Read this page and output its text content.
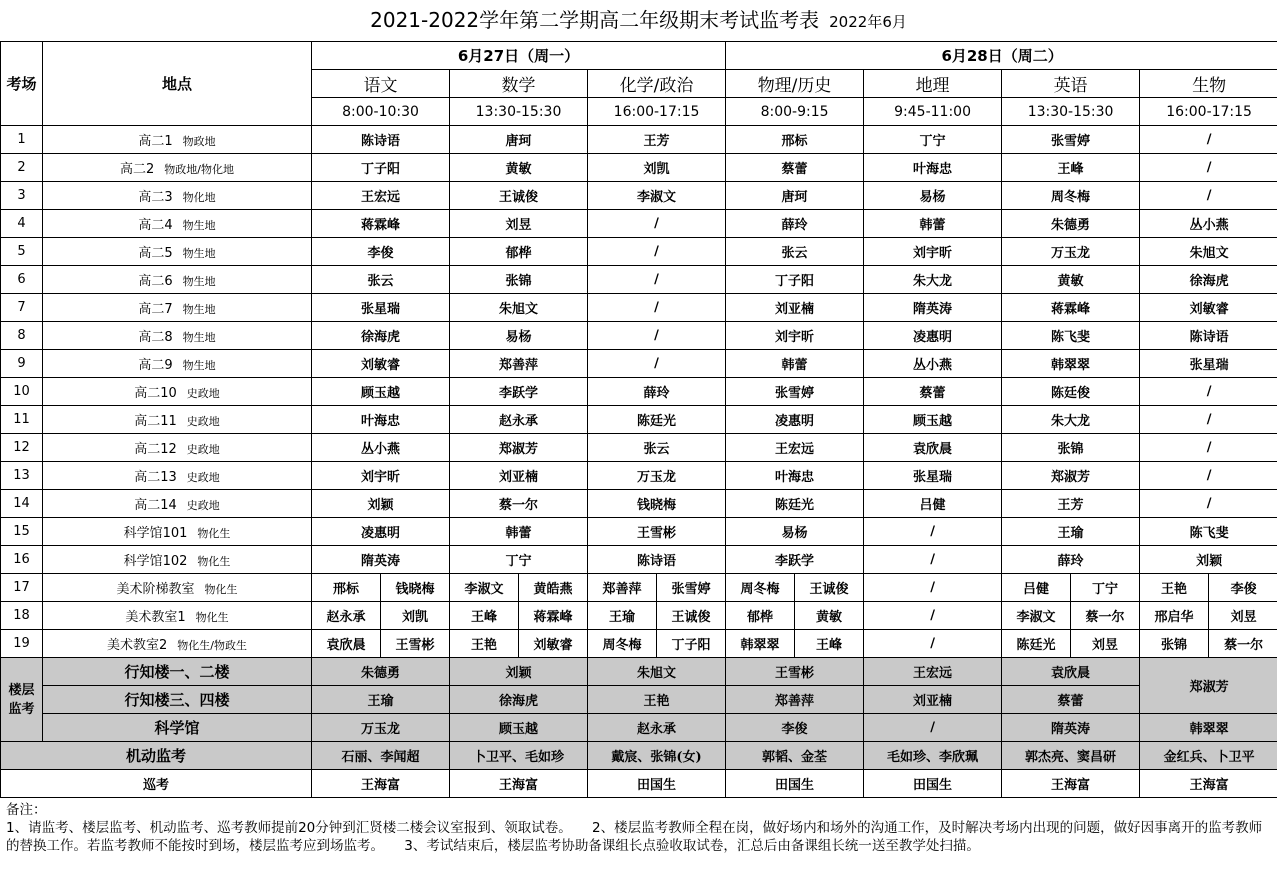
2021-2022学年第二学期高二年级期末考试监考表 2022年6月
考场	地点	6月27日（周一）						6月28日（周二）						
		语文		数学		化学/政治		物理/历史		地理	英语		生物	
		8:00-10:30		13:30-15:30		16:00-17:15		8:00-9:15		9:45-11:00	13:30-15:30		16:00-17:15	
1	高二1 物政地	陈诗语		唐珂		王芳		邢标		丁宁	张雪婷		/	
2	高二2 物政地/物化地	丁子阳		黄敏		刘凯		蔡蕾		叶海忠	王峰		/	
3	高二3 物化地	王宏远		王诚俊		李淑文		唐珂		易杨	周冬梅		/	
4	高二4 物生地	蒋霖峰		刘昱		/		薛玲		韩蕾	朱德勇		丛小燕	
5	高二5 物生地	李俊		郁桦		/		张云		刘宇昕	万玉龙		朱旭文	
6	高二6 物生地	张云		张锦		/		丁子阳		朱大龙	黄敏		徐海虎	
7	高二7 物生地	张星瑞		朱旭文		/		刘亚楠		隋英涛	蒋霖峰		刘敏睿	
8	高二8 物生地	徐海虎		易杨		/		刘宇昕		凌惠明	陈飞斐		陈诗语	
9	高二9 物生地	刘敏睿		郑善萍		/		韩蕾		丛小燕	韩翠翠		张星瑞	
10	高二10 史政地	顾玉越		李跃学		薛玲		张雪婷		蔡蕾	陈廷俊		/	
11	高二11 史政地	叶海忠		赵永承		陈廷光		凌惠明		顾玉越	朱大龙		/	
12	高二12 史政地	丛小燕		郑淑芳		张云		王宏远		袁欣晨	张锦		/	
13	高二13 史政地	刘宇昕		刘亚楠		万玉龙		叶海忠		张星瑞	郑淑芳		/	
14	高二14 史政地	刘颖		蔡一尔		钱晓梅		陈廷光		吕健	王芳		/	
15	科学馆101 物化生	凌惠明		韩蕾		王雪彬		易杨		/	王瑜		陈飞斐	
16	科学馆102 物化生	隋英涛		丁宁		陈诗语		李跃学		/	薛玲		刘颖	
17	美术阶梯教室 物化生	邢标	钱晓梅	李淑文	黄皓燕	郑善萍	张雪婷	周冬梅	王诚俊	/	吕健	丁宁	王艳	李俊
18	美术教室1 物化生	赵永承	刘凯	王峰	蒋霖峰	王瑜	王诚俊	郁桦	黄敏	/	李淑文	蔡一尔	邢启华	刘昱
19	美术教室2 物化生/物政生	袁欣晨	王雪彬	王艳	刘敏睿	周冬梅	丁子阳	韩翠翠	王峰	/	陈廷光	刘昱	张锦	蔡一尔
楼层
监考	行知楼一、二楼	朱德勇		刘颖		朱旭文		王雪彬		王宏远	袁欣晨		郑淑芳	
	行知楼三、四楼	王瑜		徐海虎		王艳		郑善萍		刘亚楠	蔡蕾			
	科学馆	万玉龙		顾玉越		赵永承		李俊		/	隋英涛		韩翠翠	
机动监考		石丽、李闻超		卜卫平、毛如珍		戴宸、张锦(女)		郭韬、金荃		毛如珍、李欣珮	郭杰亮、窦昌研		金红兵、卜卫平	
巡考		王海富		王海富		田国生		田国生		田国生	王海富		王海富	
备注：
1、请监考、楼层监考、机动监考、巡考教师提前20分钟到汇贤楼二楼会议室报到、领取试卷。　　2、楼层监考教师全程在岗，做好场内和场外的沟通工作，及时解决考场内出现的问题，做好因事离开的监考教师的替换工作。若监考教师不能按时到场，楼层监考应到场监考。　　3、考试结束后，楼层监考协助备课组长点验收取试卷，汇总后由备课组长统一送至教学处扫描。
